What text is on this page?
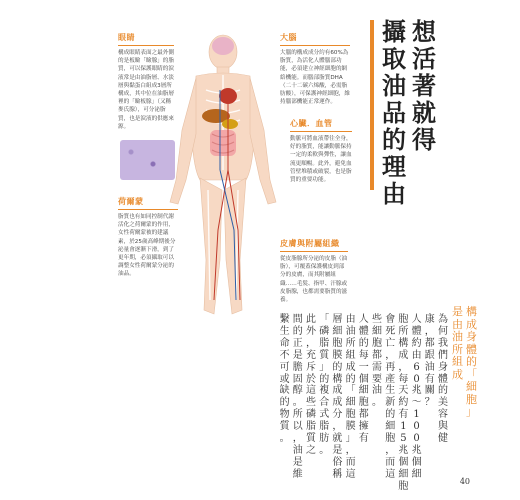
眼睛
構成眼睛表面之最外側的是板瞼「瞼腺」的脂質，可以保護眼睛的淚液常是由油脂層、水淡層與黏蛋白組成3層所構成，其中位在油脂層裡的「瞼板腺」（又稱麥氏腺），可分泌脂質，也是淚液的供應來源。
荷爾蒙
脂質也有如同控制代謝活化之荷爾蒙的作用，女性荷爾蒙被的建議素，於25歲高峰期後分泌量會逐漸下滑，到了更年期，必須攝取可以調整女性荷爾蒙分泌的油品。
大腦
大腦的構成成分約有60%為脂質，為活化人體腦部功能，必須建立神經細胞的網絡機能。而腦部脂質DHA（二十二碳六烯酸，必需脂肪酸），可保護神經細胞，維持腦部機能正常運作。
心臟．血管
動脈可將血液帶往全身，好的脂質，能讓動脈保持一定的柔軟與彈性，讓血流更順暢。此外，避免血管壁堆積或破裂，也是脂質的重要功能。
皮膚與附屬組織
從皮脂腺所分泌的皮脂（油脂），可覆蓋保護構皮到部分的皮膚，而其附屬組織……毛髮、指甲、汗腺或皮脂腺，也都需要脂質的滋養。
想
活
著
就
得
攝
取
油
品
的
理
由
構
成
身
體
的
「
細
胞
」
是
由
油
所
組
成
為
何
我
們
身
體
的
美
容
與
健
康
，
都
跟
油
有
關
？
人
體
約
由
6
0
兆
～
1
0
0
兆
個
細
胞
所
構
成
，
每
天
約
有
1
5
兆
個
細
胞
會
死
亡
，
再
產
生
新
的
細
胞
，
而
這
些
細
胞
都
需
要
油
。
人
體
的
每
一
個
細
胞
都
擁
有
由
油
所
組
成
的
「
細
胞
膜
」
，
而
這
層
細
胞
膜
的
構
成
成
分
，
就
是
俗
稱
「
磷
脂
質
」
的
複
合
式
脂
肪
。
此
外
，
充
斥
於
這
些
磷
脂
質
之
間
的
正
是
膽
固
醇
。
所
以
，
油
是
維
繫
生
命
不
可
或
缺
的
物
質
。
40
